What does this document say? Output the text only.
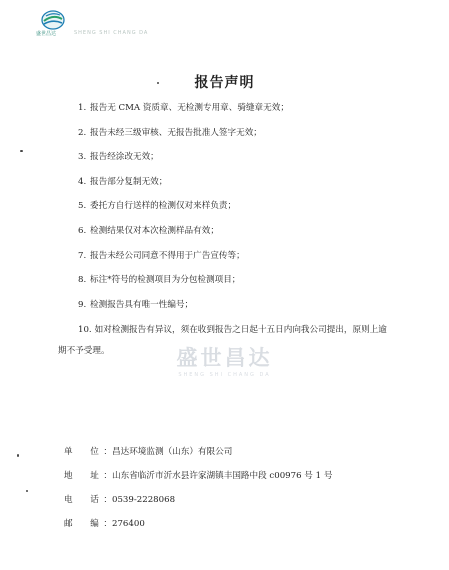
盛世昌达	SHENG SHI CHANG DA
报告声明
1. 报告无 CMA 资质章、无检测专用章、骑缝章无效；
2. 报告未经三级审核、无报告批准人签字无效；
3. 报告经涂改无效；
4. 报告部分复制无效；
5. 委托方自行送样的检测仅对来样负责；
6. 检测结果仅对本次检测样品有效；
7. 报告未经公司同意不得用于广告宣传等；
8. 标注*符号的检测项目为分包检测项目；
9. 检测报告具有唯一性编号；
10. 如对检测报告有异议，须在收到报告之日起十五日内向我公司提出，原则上逾
期不予受理。	盛世昌达
SHENG SHI CHANG DA
单　位：昌达环境监测（山东）有限公司
地　址：山东省临沂市沂水县许家湖镇丰国路中段 c00976 号 1 号
电　话：0539-2228068
邮　编：276400
